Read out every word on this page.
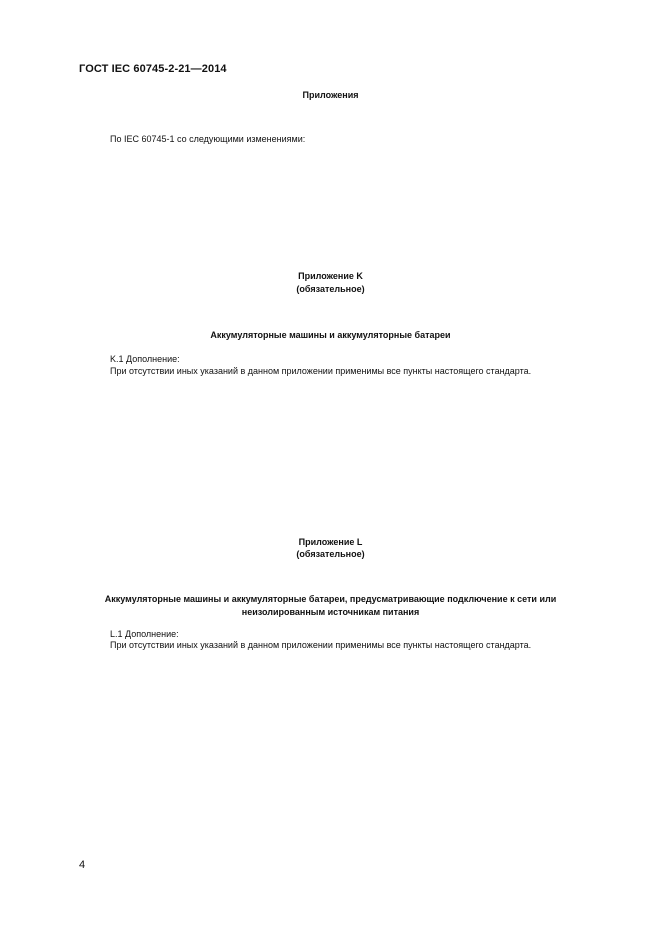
ГОСТ IEC 60745-2-21—2014
Приложения
По IEC 60745-1 со следующими изменениями:
Приложение K
(обязательное)
Аккумуляторные машины и аккумуляторные батареи
K.1 Дополнение:
При отсутствии иных указаний в данном приложении применимы все пункты настоящего стандарта.
Приложение L
(обязательное)
Аккумуляторные машины и аккумуляторные батареи, предусматривающие подключение к сети или
неизолированным источникам питания
L.1 Дополнение:
При отсутствии иных указаний в данном приложении применимы все пункты настоящего стандарта.
4
